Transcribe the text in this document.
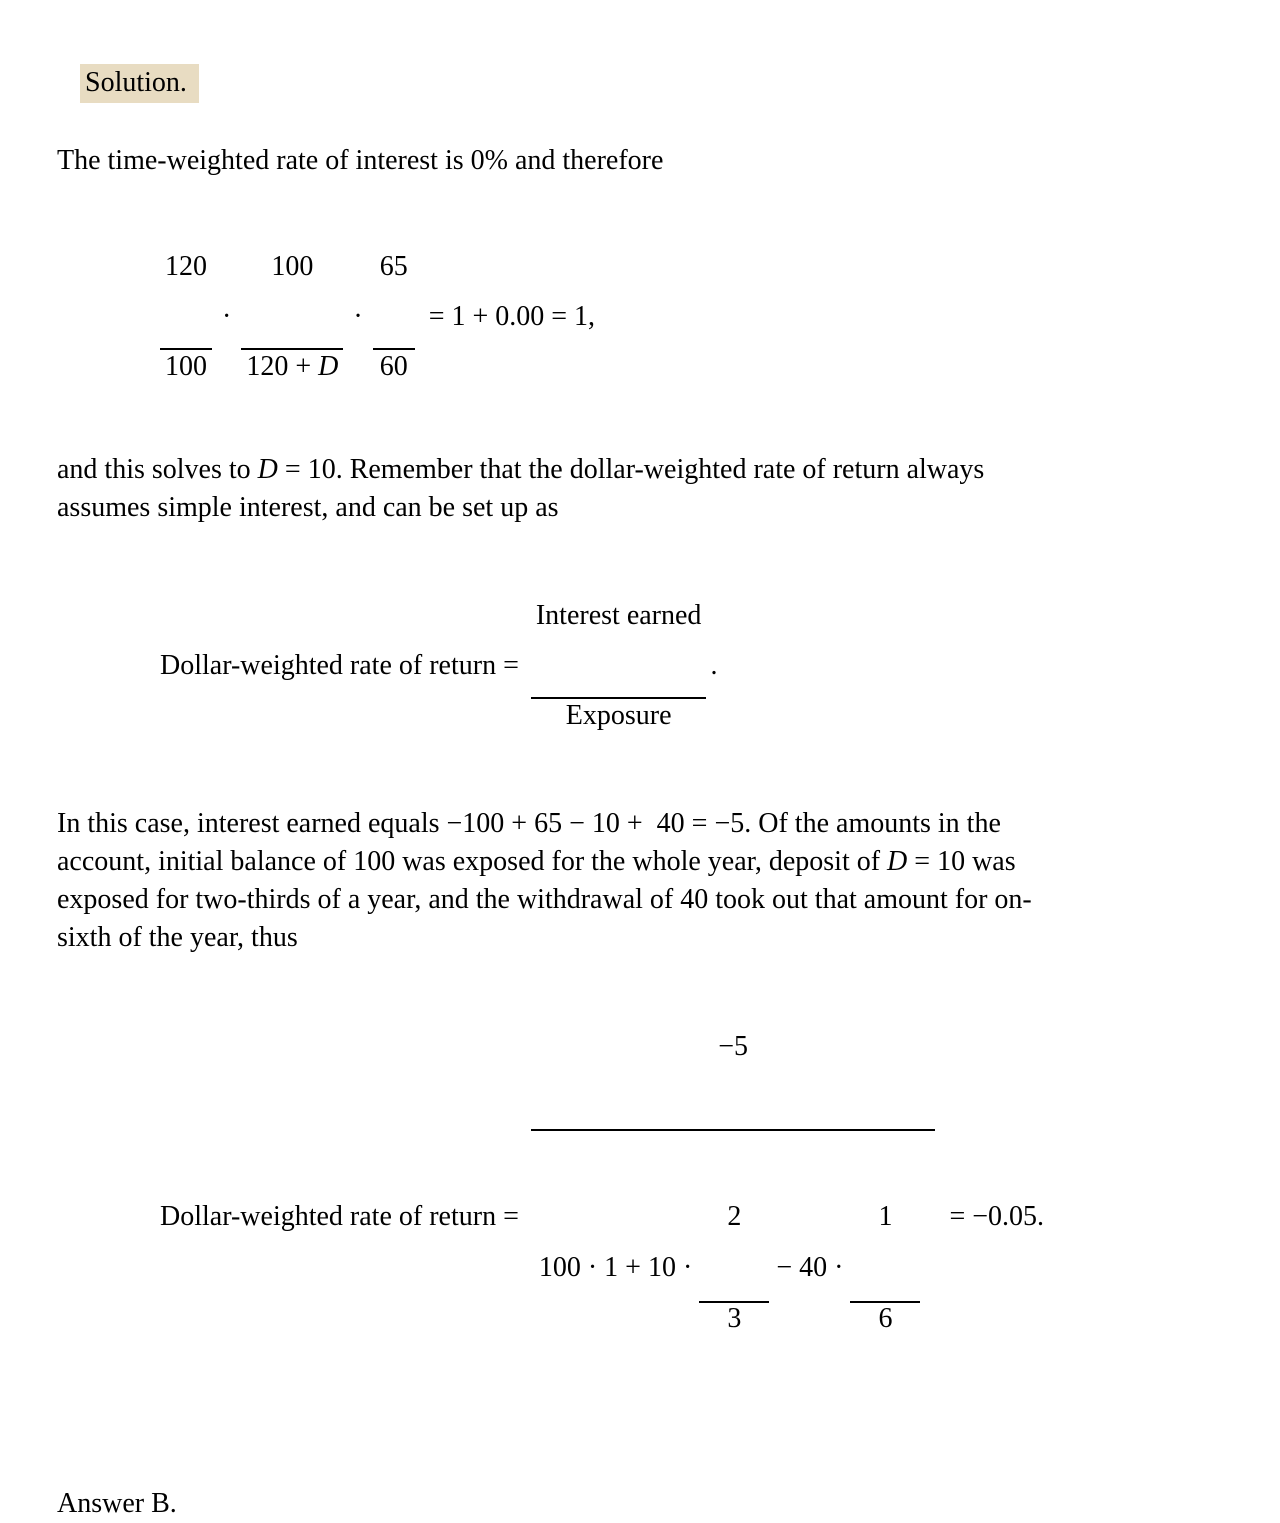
Solution.

The time-weighted rate of interest is 0% and therefore

$\frac{120}{100}$

·

$\frac{100}{120 + D}$

·

$\frac{65}{60}$

= 1 + 0.00 = 1,
and this solves to D = 10. Remember that the dollar-weighted rate of return always
assumes simple interest, and can be set up as
Dollar-weighted rate of return =

$\frac{\text{Interest earned}}{\text{Exposure}}$

.
In this case, interest earned equals −100 + 65 − 10 +  40 = −5. Of the amounts in the
account, initial balance of 100 was exposed for the whole year, deposit of D = 10 was
exposed for two-thirds of a year, and the withdrawal of 40 took out that amount for on-
sixth of the year, thus
Dollar-weighted rate of return =

−5

100 · 1 + 10 ·

$\frac{2}{3}$

− 40 ·

$\frac{1}{6}$

= −0.05.
Answer B.
